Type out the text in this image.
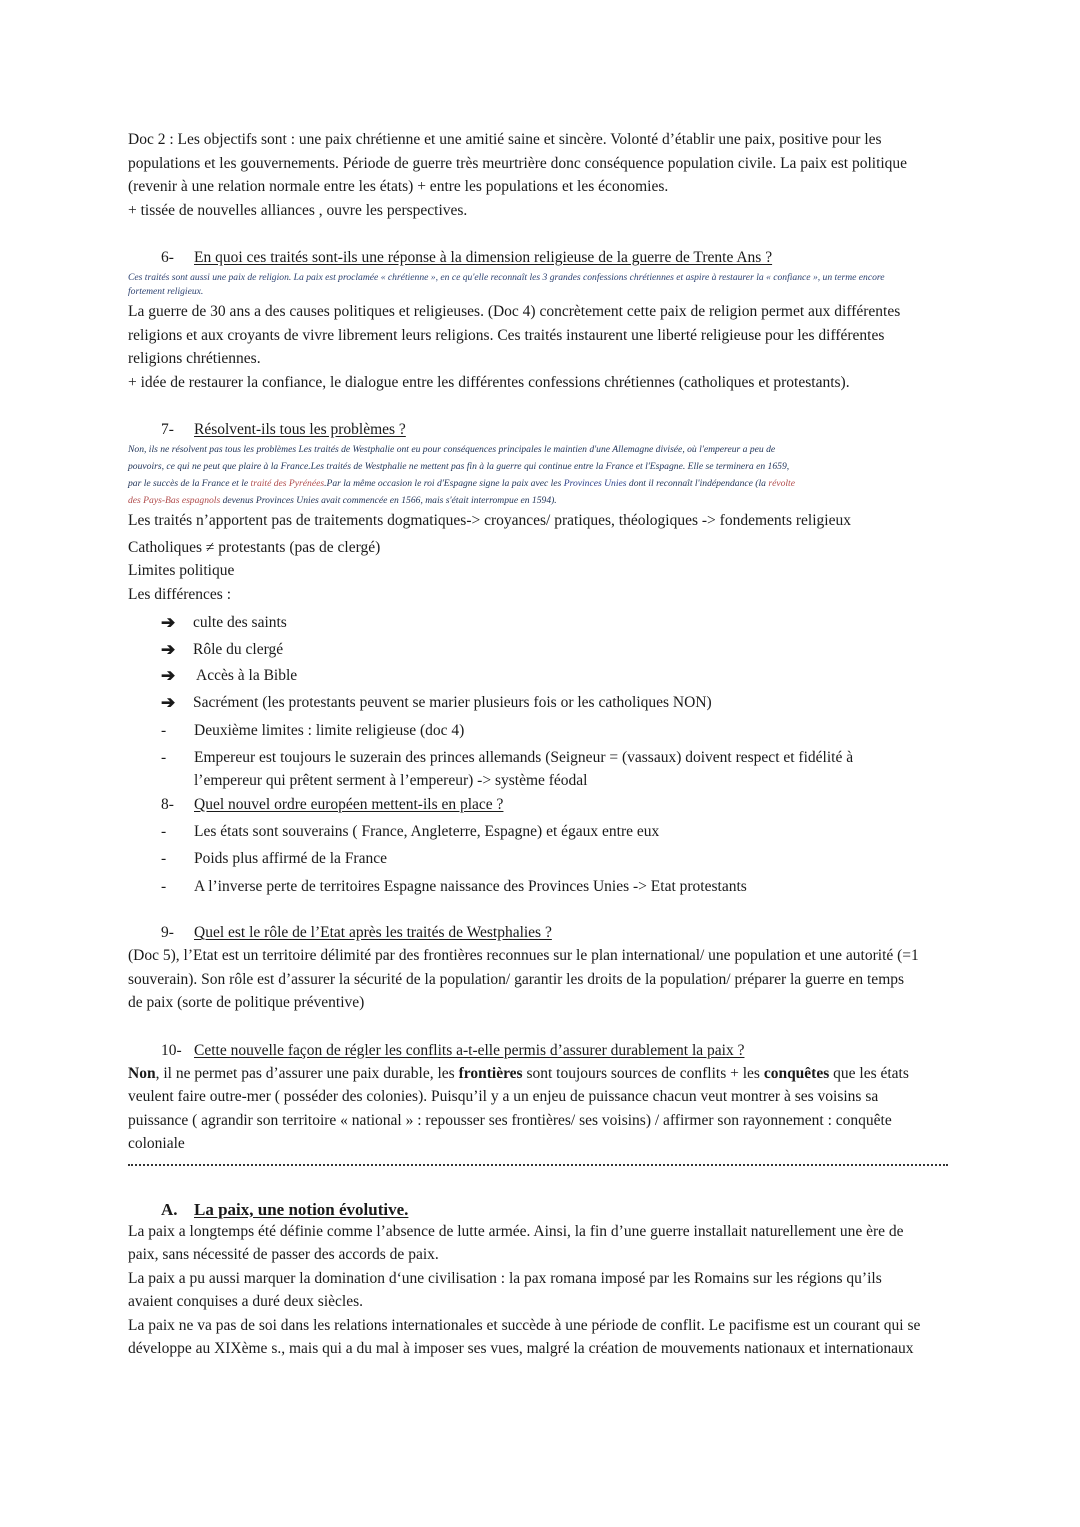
Doc 2 : Les objectifs sont : une paix chrétienne et une amitié saine et sincère. Volonté d’établir une paix, positive pour les

populations et les gouvernements. Période de guerre très meurtrière donc conséquence population civile. La paix est politique

(revenir à une relation normale entre les états) + entre les populations et les économies.

+ tissée de nouvelles alliances , ouvre les perspectives.

6-	En quoi ces traités sont-ils une réponse à la dimension religieuse de la guerre de Trente Ans ?

Ces traités sont aussi une paix de religion. La paix est proclamée « chrétienne », en ce qu'elle reconnaît les 3 grandes confessions chrétiennes et aspire à restaurer la « confiance », un terme encore

fortement religieux.

La guerre de 30 ans a des causes politiques et religieuses. (Doc 4) concrètement cette paix de religion permet aux différentes

religions et aux croyants de vivre librement leurs religions. Ces traités instaurent une liberté religieuse pour les différentes

religions chrétiennes.

+ idée de restaurer la confiance, le dialogue entre les différentes confessions chrétiennes (catholiques et protestants).

7-	Résolvent-ils tous les problèmes ?

Non, ils ne résolvent pas tous les problèmes Les traités de Westphalie ont eu pour conséquences principales le maintien d'une Allemagne divisée, où l'empereur a peu de

pouvoirs, ce qui ne peut que plaire à la France.Les traités de Westphalie ne mettent pas fin à la guerre qui continue entre la France et l'Espagne. Elle se terminera en 1659,

par le succès de la France et le traité des Pyrénées.Par la même occasion le roi d'Espagne signe la paix avec les Provinces Unies dont il reconnaît l'indépendance (la révolte

des Pays-Bas espagnols devenus Provinces Unies avait commencée en 1566, mais s'était interrompue en 1594).

Les traités n’apportent pas de traitements dogmatiques-> croyances/ pratiques, théologiques -> fondements religieux

Catholiques ≠ protestants (pas de clergé)

Limites politique

Les différences :

➔	culte des saints
➔	Rôle du clergé
➔	Accès à la Bible
➔	Sacrément (les protestants peuvent se marier plusieurs fois or les catholiques NON)
-	Deuxième limites : limite religieuse (doc 4)
-	Empereur est toujours le suzerain des princes allemands (Seigneur = (vassaux) doivent respect et fidélité à
l’empereur qui prêtent serment à l’empereur) -> système féodal

8-	Quel nouvel ordre européen mettent-ils en place ?

-	Les états sont souverains ( France, Angleterre, Espagne) et égaux entre eux
-	Poids plus affirmé de la France
-	A l’inverse perte de territoires Espagne naissance des Provinces Unies -> Etat protestants

9-	Quel est le rôle de l’Etat après les traités de Westphalies ?

(Doc 5), l’Etat est un territoire délimité par des frontières reconnues sur le plan international/ une population et une autorité (=1

souverain). Son rôle est d’assurer la sécurité de la population/ garantir les droits de la population/ préparer la guerre en temps

de paix (sorte de politique préventive)

10- Cette nouvelle façon de régler les conflits a-t-elle permis d’assurer durablement la paix ?

Non, il ne permet pas d’assurer une paix durable, les frontières sont toujours sources de conflits + les conquêtes que les états

veulent faire outre-mer ( posséder des colonies). Puisqu’il y a un enjeu de puissance chacun veut montrer à ses voisins sa

puissance ( agrandir son territoire « national » : repousser ses frontières/ ses voisins) / affirmer son rayonnement : conquête

coloniale

A. La paix, une notion évolutive.

La paix a longtemps été définie comme l’absence de lutte armée. Ainsi, la fin d’une guerre installait naturellement une ère de

paix, sans nécessité de passer des accords de paix.

La paix a pu aussi marquer la domination d‘une civilisation : la pax romana imposé par les Romains sur les régions qu’ils

avaient conquises a duré deux siècles.

La paix ne va pas de soi dans les relations internationales et succède à une période de conflit. Le pacifisme est un courant qui se

développe au XIXème s., mais qui a du mal à imposer ses vues, malgré la création de mouvements nationaux et internationaux
